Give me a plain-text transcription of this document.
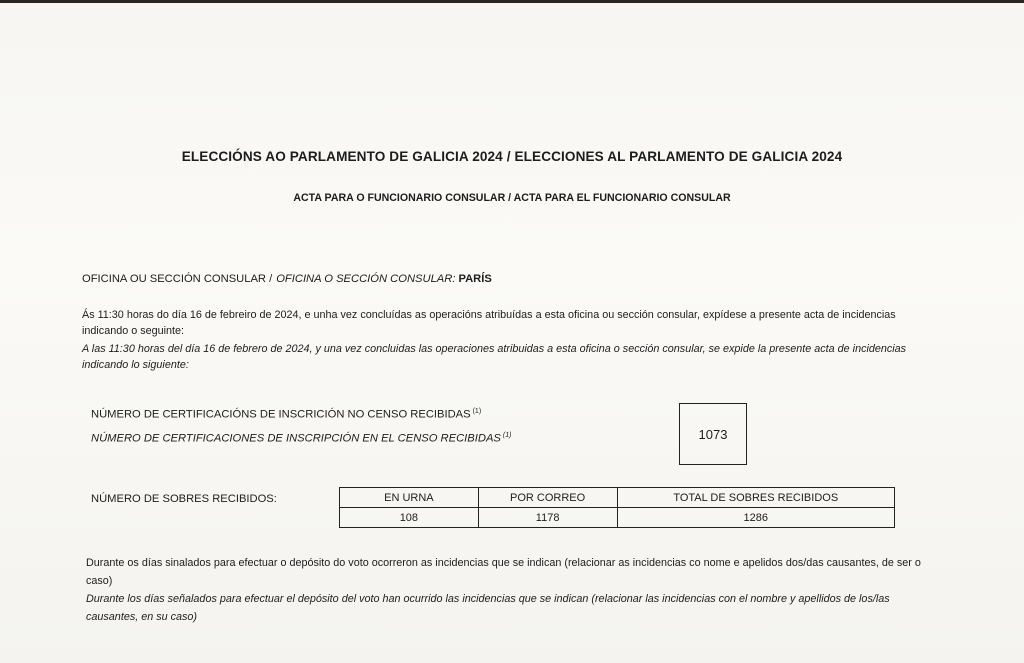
ELECCIÓNS AO PARLAMENTO DE GALICIA 2024 / ELECCIONES AL PARLAMENTO DE GALICIA 2024
ACTA PARA O FUNCIONARIO CONSULAR / ACTA PARA EL FUNCIONARIO CONSULAR
OFICINA OU SECCIÓN CONSULAR / OFICINA O SECCIÓN CONSULAR: PARÍS
Ás 11:30 horas do día 16 de febreiro de 2024, e unha vez concluídas as operacións atribuídas a esta oficina ou sección consular, expídese a presente acta de incidencias indicando o seguinte:
A las 11:30 horas del día 16 de febrero de 2024, y una vez concluidas las operaciones atribuidas a esta oficina o sección consular, se expide la presente acta de incidencias indicando lo siguiente:
NÚMERO DE CERTIFICACIÓNS DE INSCRICIÓN NO CENSO RECIBIDAS $^{(1)}$
NÚMERO DE CERTIFICACIONES DE INSCRIPCIÓN EN EL CENSO RECIBIDAS $^{(1)}$	1073
NÚMERO DE SOBRES RECIBIDOS:	EN URNA	POR CORREO	TOTAL DE SOBRES RECIBIDOS
108	1178	1286
Durante os días sinalados para efectuar o depósito do voto ocorreron as incidencias que se indican (relacionar as incidencias co nome e apelidos dos/das causantes, de ser o caso)
Durante los días señalados para efectuar el depósito del voto han ocurrido las incidencias que se indican (relacionar las incidencias con el nombre y apellidos de los/las causantes, en su caso)
